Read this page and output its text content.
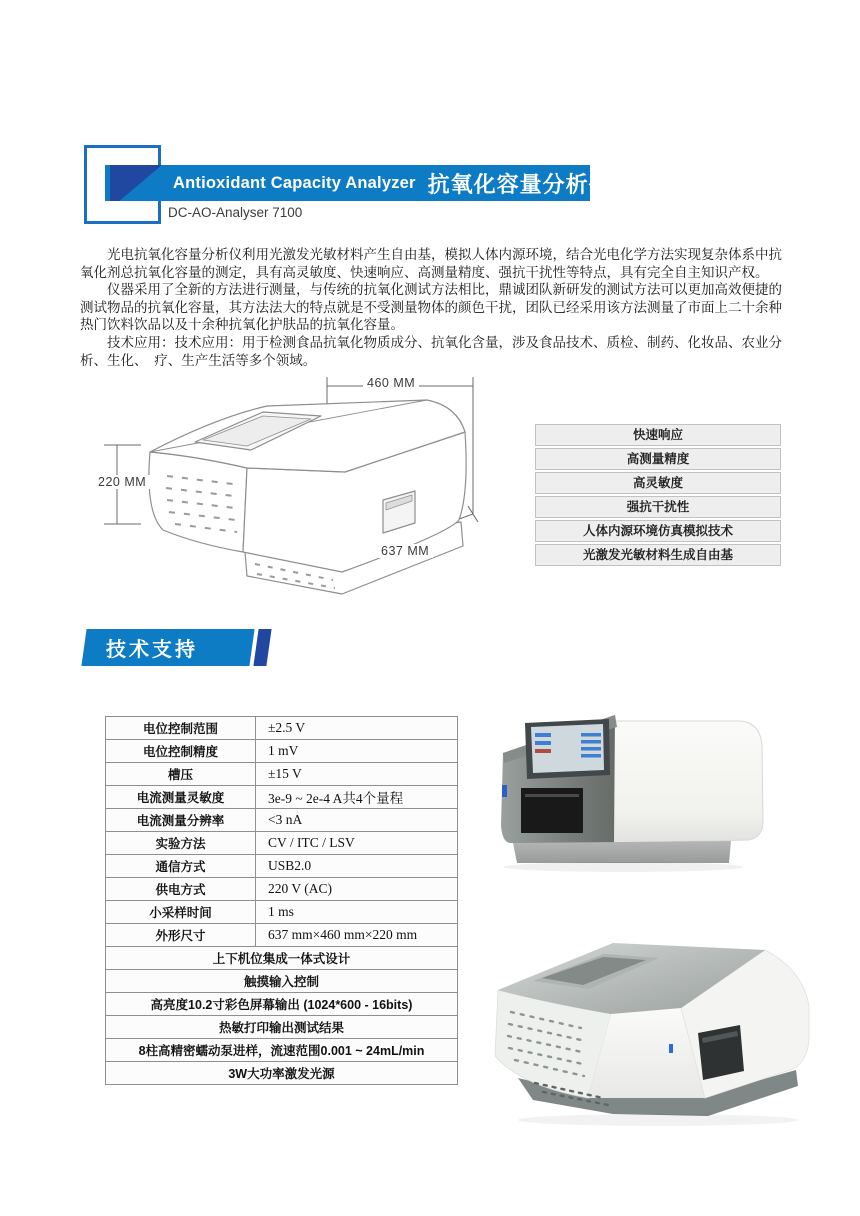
Antioxidant Capacity Analyzer 抗氧化容量分析仪
DC-AO-Analyser 7100

光电抗氧化容量分析仪利用光激发光敏材料产生自由基，模拟人体内源环境，结合光电化学方法实现复杂体系中抗氧化剂总抗氧化容量的测定，具有高灵敏度、快速响应、高测量精度、强抗干扰性等特点，具有完全自主知识产权。

仪器采用了全新的方法进行测量，与传统的抗氧化测试方法相比，鼎诚团队新研发的测试方法可以更加高效便捷的测试物品的抗氧化容量，其方法法大的特点就是不受测量物体的颜色干扰，团队已经采用该方法测量了市面上二十余种热门饮料饮品以及十余种抗氧化护肤品的抗氧化容量。

技术应用：技术应用：用于检测食品抗氧化物质成分、抗氧化含量，涉及食品技术、质检、制药、化妆品、农业分析、生化、　疗、生产生活等多个领域。

460 MM
220 MM
637 MM
快速响应
高测量精度
高灵敏度
强抗干扰性
人体内源环境仿真模拟技术
光激发光敏材料生成自由基
技术支持
电位控制范围	±2.5 V
电位控制精度	1 mV
槽压	±15 V
电流测量灵敏度	3e-9 ~ 2e-4 A共4个量程
电流测量分辨率	<3 nA
实验方法	CV / ITC / LSV
通信方式	USB2.0
供电方式	220 V (AC)
小采样时间	1 ms
外形尺寸	637 mm×460 mm×220 mm
上下机位集成一体式设计	
触摸输入控制	
高亮度10.2寸彩色屏幕输出 (1024*600 - 16bits)	
热敏打印输出测试结果	
8柱高精密蠕动泵进样，流速范围0.001 ~ 24mL/min	
3W大功率激发光源	
